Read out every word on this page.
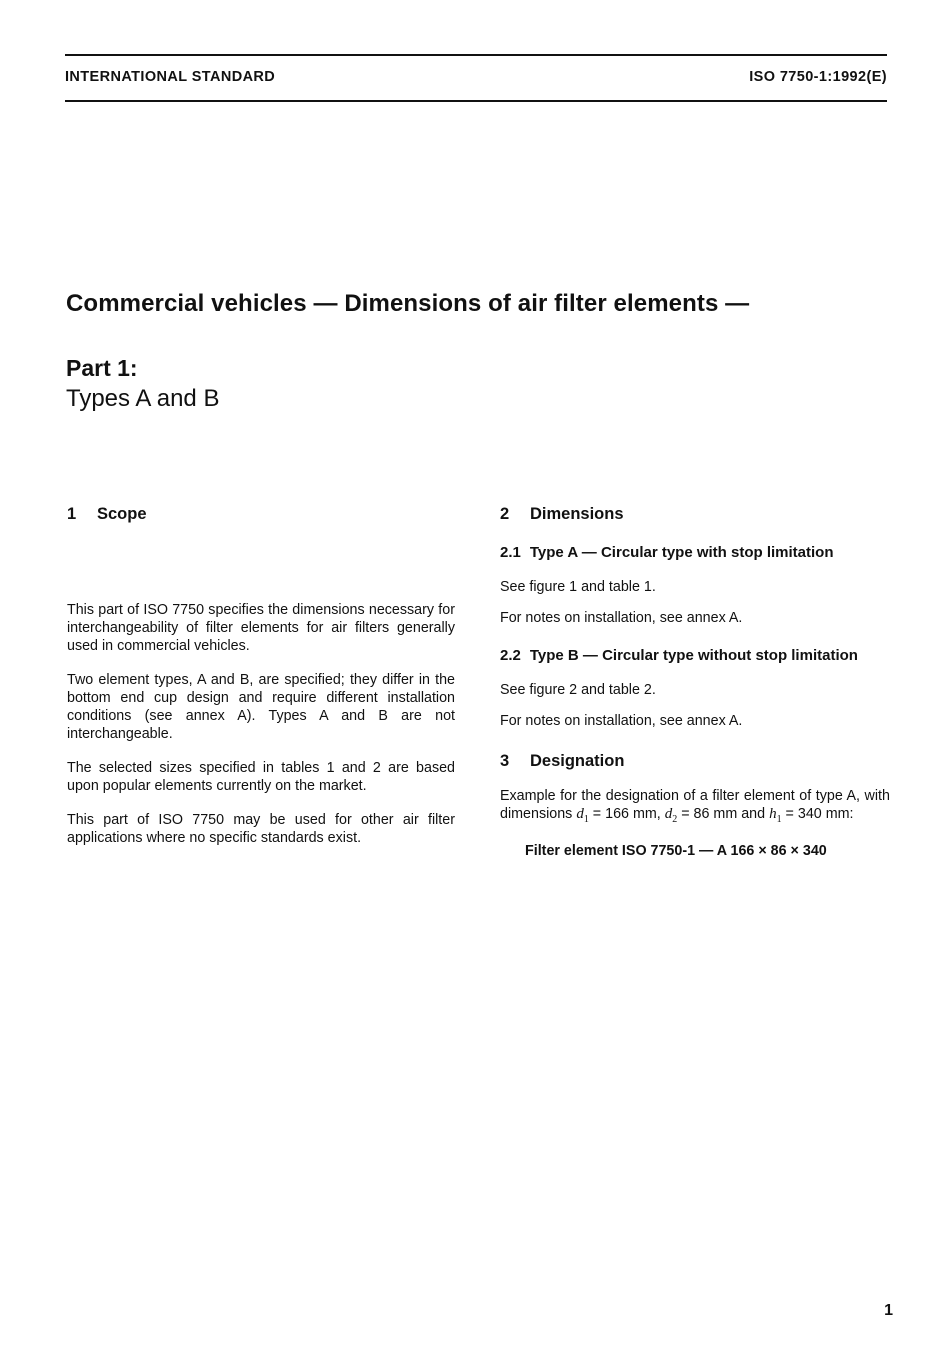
INTERNATIONAL STANDARD	ISO 7750-1:1992(E)
Commercial vehicles — Dimensions of air filter elements —
Part 1:
Types A and B
1 Scope

This part of ISO 7750 specifies the dimensions necessary for interchangeability of filter elements for air filters generally used in commercial vehicles.

Two element types, A and B, are specified; they differ in the bottom end cup design and require different installation conditions (see annex A). Types A and B are not interchangeable.

The selected sizes specified in tables 1 and 2 are based upon popular elements currently on the market.

This part of ISO 7750 may be used for other air filter applications where no specific standards exist.

2 Dimensions
2.1 Type A — Circular type with stop limitation

See figure 1 and table 1.

For notes on installation, see annex A.

2.2 Type B — Circular type without stop limitation

See figure 2 and table 2.

For notes on installation, see annex A.

3 Designation

Example for the designation of a filter element of type A, with dimensions $d_1 = 166$ mm, $d_2 = 86$ mm and $h_1 = 340$ mm:

Filter element ISO 7750-1 — A 166 × 86 × 340
1
